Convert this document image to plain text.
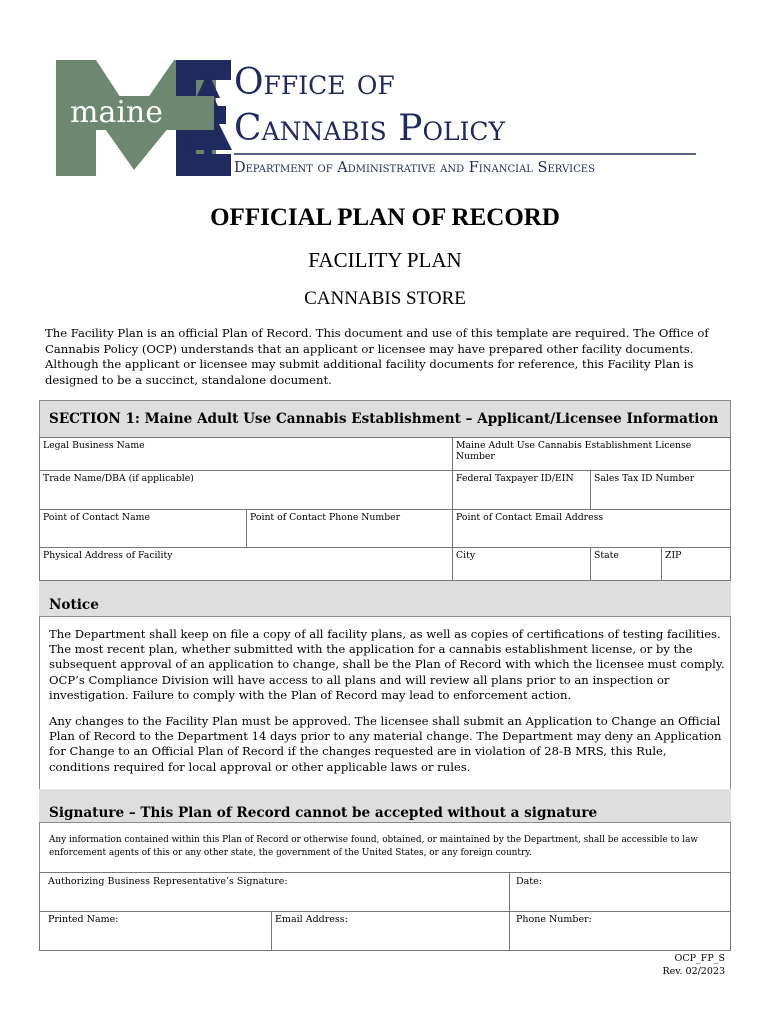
maine
Office of
Cannabis Policy
Department of Administrative and Financial Services
OFFICIAL PLAN OF RECORD
FACILITY PLAN
CANNABIS STORE
The Facility Plan is an official Plan of Record. This document and use of this template are required. The Office of Cannabis Policy (OCP) understands that an applicant or licensee may have prepared other facility documents. Although the applicant or licensee may submit additional facility documents for reference, this Facility Plan is designed to be a succinct, standalone document.
SECTION 1: Maine Adult Use Cannabis Establishment – Applicant/Licensee Information
Legal Business Name	Maine Adult Use Cannabis Establishment License Number
Trade Name/DBA (if applicable)	Federal Taxpayer ID/EIN	Sales Tax ID Number
Point of Contact Name	Point of Contact Phone Number	Point of Contact Email Address
Physical Address of Facility	City	State	ZIP
Notice
The Department shall keep on file a copy of all facility plans, as well as copies of certifications of testing facilities. The most recent plan, whether submitted with the application for a cannabis establishment license, or by the subsequent approval of an application to change, shall be the Plan of Record with which the licensee must comply. OCP’s Compliance Division will have access to all plans and will review all plans prior to an inspection or investigation. Failure to comply with the Plan of Record may lead to enforcement action.
Any changes to the Facility Plan must be approved. The licensee shall submit an Application to Change an Official Plan of Record to the Department 14 days prior to any material change. The Department may deny an Application for Change to an Official Plan of Record if the changes requested are in violation of 28-B MRS, this Rule, conditions required for local approval or other applicable laws or rules.
Signature – This Plan of Record cannot be accepted without a signature
Any information contained within this Plan of Record or otherwise found, obtained, or maintained by the Department, shall be accessible to law enforcement agents of this or any other state, the government of the United States, or any foreign country.
Authorizing Business Representative’s Signature:	Date:
Printed Name:	Email Address:	Phone Number:
OCP_FP_S
Rev. 02/2023
